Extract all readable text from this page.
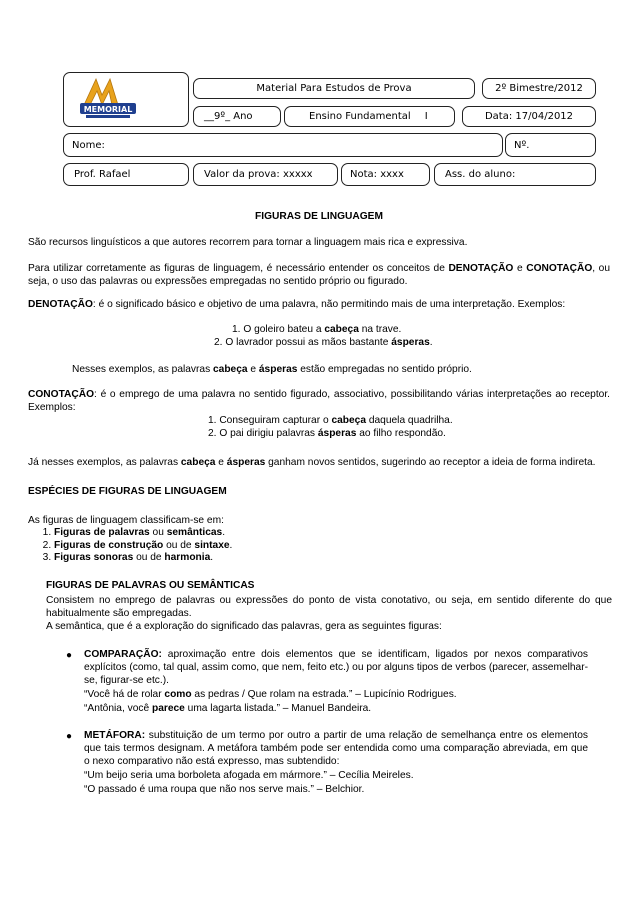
MEMORIAL
Material Para Estudos de Prova	2º Bimestre/2012
__9º_ Ano	Ensino Fundamental I	Data: 17/04/2012
Nome:	Nº.
Prof. Rafael	Valor da prova: xxxxx	Nota: xxxx	Ass. do aluno:
FIGURAS DE LINGUAGEM
São recursos linguísticos a que autores recorrem para tornar a linguagem mais rica e expressiva.
Para utilizar corretamente as figuras de linguagem, é necessário entender os conceitos de DENOTAÇÃO e CONOTAÇÃO, ou seja, o uso das palavras ou expressões empregadas no sentido próprio ou figurado.
DENOTAÇÃO: é o significado básico e objetivo de uma palavra, não permitindo mais de uma interpretação. Exemplos:
1. O goleiro bateu a cabeça na trave.
2. O lavrador possui as mãos bastante ásperas.
Nesses exemplos, as palavras cabeça e ásperas estão empregadas no sentido próprio.
CONOTAÇÃO: é o emprego de uma palavra no sentido figurado, associativo, possibilitando várias interpretações ao receptor. Exemplos:
1. Conseguiram capturar o cabeça daquela quadrilha.
2. O pai dirigiu palavras ásperas ao filho respondão.
Já nesses exemplos, as palavras cabeça e ásperas ganham novos sentidos, sugerindo ao receptor a ideia de forma indireta.
ESPÉCIES DE FIGURAS DE LINGUAGEM
As figuras de linguagem classificam-se em:
1. Figuras de palavras ou semânticas.
2. Figuras de construção ou de sintaxe.
3. Figuras sonoras ou de harmonia.
FIGURAS DE PALAVRAS OU SEMÂNTICAS
Consistem no emprego de palavras ou expressões do ponto de vista conotativo, ou seja, em sentido diferente do que habitualmente são empregadas.
A semântica, que é a exploração do significado das palavras, gera as seguintes figuras:
● COMPARAÇÃO: aproximação entre dois elementos que se identificam, ligados por nexos comparativos explícitos (como, tal qual, assim como, que nem, feito etc.) ou por alguns tipos de verbos (parecer, assemelhar-se, figurar-se etc.).
“Você há de rolar como as pedras / Que rolam na estrada.” – Lupicínio Rodrigues.
“Antônia, você parece uma lagarta listada.” – Manuel Bandeira.
● METÁFORA: substituição de um termo por outro a partir de uma relação de semelhança entre os elementos que tais termos designam. A metáfora também pode ser entendida como uma comparação abreviada, em que o nexo comparativo não está expresso, mas subtendido:
“Um beijo seria uma borboleta afogada em mármore.” – Cecília Meireles.
“O passado é uma roupa que não nos serve mais.” – Belchior.
